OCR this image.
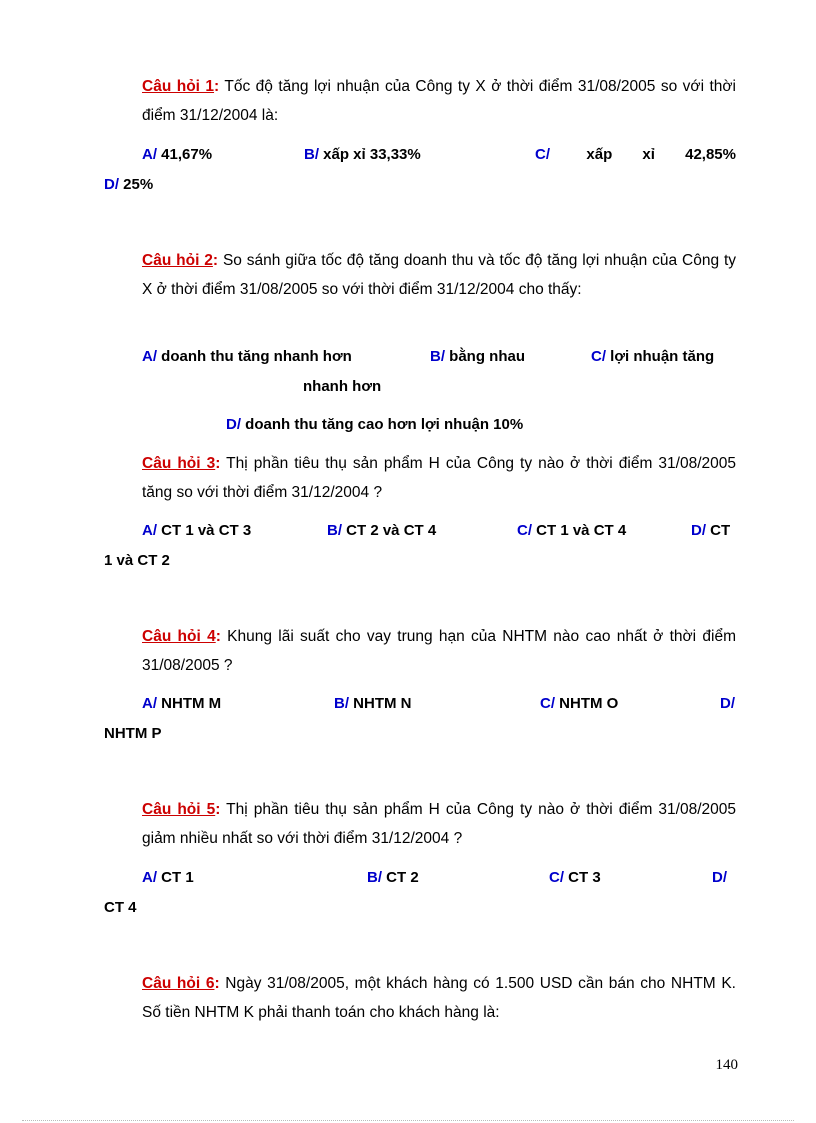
Câu hỏi 1: Tốc độ tăng lợi nhuận của Công ty X ở thời điểm 31/08/2005 so với thời điểm 31/12/2004 là:
A/ 41,67%	B/ xấp xỉ 33,33%	C/ xấp xỉ 42,85%
D/ 25%
Câu hỏi 2: So sánh giữa tốc độ tăng doanh thu và tốc độ tăng lợi nhuận của Công ty X ở thời điểm 31/08/2005 so với thời điểm 31/12/2004 cho thấy:
A/ doanh thu tăng nhanh hơn	B/ bằng nhau	C/ lợi nhuận tăng
nhanh hơn
D/ doanh thu tăng cao hơn lợi nhuận 10%
Câu hỏi 3: Thị phần tiêu thụ sản phẩm H của Công ty nào ở thời điểm 31/08/2005 tăng so với thời điểm 31/12/2004 ?
A/ CT 1 và CT 3	B/ CT 2 và CT 4	C/ CT 1 và CT 4	D/ CT
1 và CT 2
Câu hỏi 4: Khung lãi suất cho vay trung hạn của NHTM nào cao nhất ở thời điểm 31/08/2005 ?
A/ NHTM M	B/ NHTM N	C/ NHTM O	D/
NHTM P
Câu hỏi 5: Thị phần tiêu thụ sản phẩm H của Công ty nào ở thời điểm 31/08/2005 giảm nhiều nhất so với thời điểm 31/12/2004 ?
A/ CT 1	B/ CT 2	C/ CT 3	D/
CT 4
Câu hỏi 6: Ngày 31/08/2005, một khách hàng có 1.500 USD cần bán cho NHTM K. Số tiền NHTM K phải thanh toán cho khách hàng là:
140
